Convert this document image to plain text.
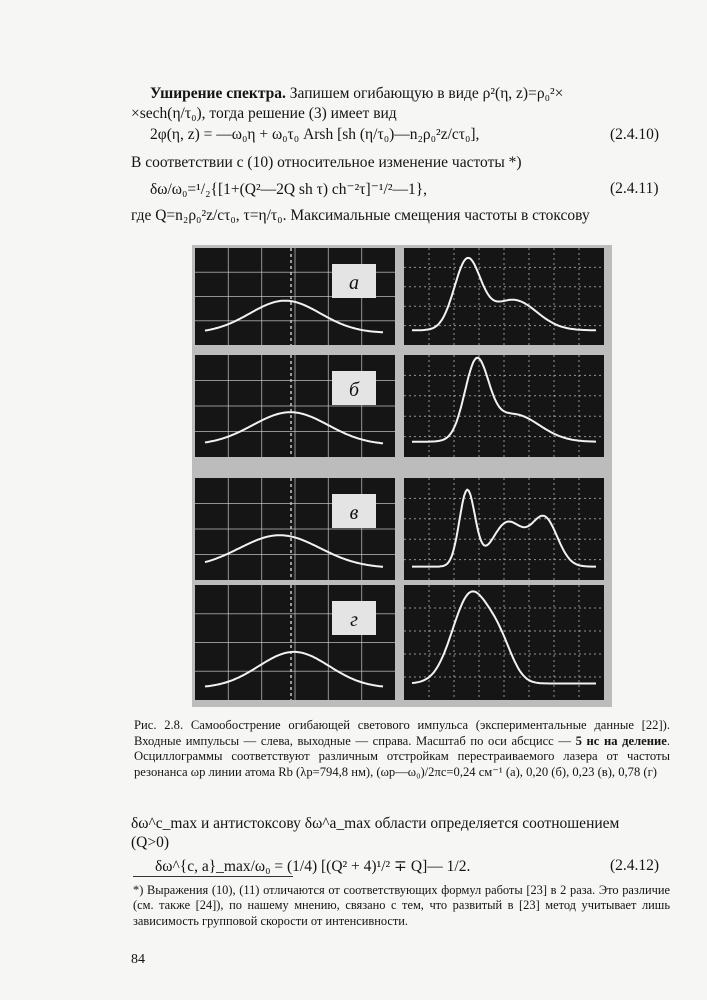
Уширение спектра. Запишем огибающую в виде ρ²(η, z)=ρ₀²×
×sech(η/τ₀), тогда решение (3) имеет вид
2φ(η, z) = —ω₀η + ω₀τ₀ Arsh [sh (η/τ₀)—n₂ρ₀²z/cτ₀],	(2.4.10)
В соответствии с (10) относительное изменение частоты *)
δω/ω₀=¹/₂{[1+(Q²—2Q sh τ) ch⁻²τ]⁻¹/²—1},	(2.4.11)
где Q=n₂ρ₀²z/cτ₀, τ=η/τ₀. Максимальные смещения частоты в стоксову
а
б
в
г
Рис. 2.8. Самообострение огибающей светового импульса (экспериментальные данные [22]). Входные импульсы — слева, выходные — справа. Масштаб по оси абсцисс — 5 нс на деление. Осциллограммы соответствуют различным отстройкам перестраиваемого лазера от частоты резонанса ωр линии атома Rb (λр=794,8 нм), (ωр—ω₀)/2πc=0,24 см⁻¹ (а), 0,20 (б), 0,23 (в), 0,78 (г)
δω^c_max и антистоксову δω^a_max области определяется соотношением
(Q>0)
δω^{c, a}_max/ω₀ = (1/4) [(Q² + 4)¹/² ∓ Q]— 1/2.	(2.4.12)
*) Выражения (10), (11) отличаются от соответствующих формул работы [23] в 2 раза. Это различие (см. также [24]), по нашему мнению, связано с тем, что развитый в [23] метод учитывает лишь зависимость групповой скорости от интенсивности.
84
